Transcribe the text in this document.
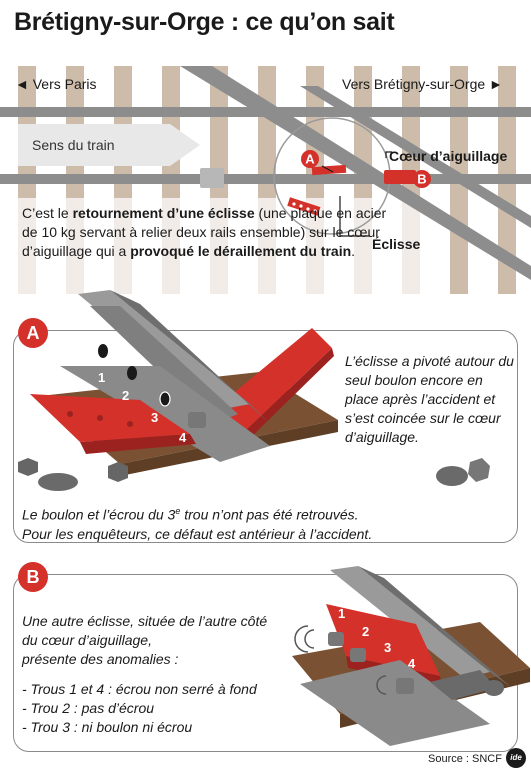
Brétigny-sur-Orge : ce qu’on sait
A
B
◄ Vers Paris	Vers Brétigny-sur-Orge ►
Sens du train
Cœur d’aiguillage
Éclisse
C’est le retournement d’une éclisse (une plaque en acier de 10 kg servant à relier deux rails ensemble) sur le cœur d’aiguillage qui a provoqué le déraillement du train.
1
2
3
4
A
L’éclisse a pivoté autour du seul boulon encore en place après l’accident et s’est coincée sur le cœur d’aiguillage.
Le boulon et l’écrou du 3e trou n’ont pas été retrouvés.
Pour les enquêteurs, ce défaut est antérieur à l’accident.
1
2
3
4
B

Une autre éclisse, située de l’autre côté

du cœur d’aiguillage,

présente des anomalies :

- Trous 1 et 4 : écrou non serré à fond

- Trou 2 : pas d’écrou

- Trou 3 : ni boulon ni écrou

Source : SNCF	ide
